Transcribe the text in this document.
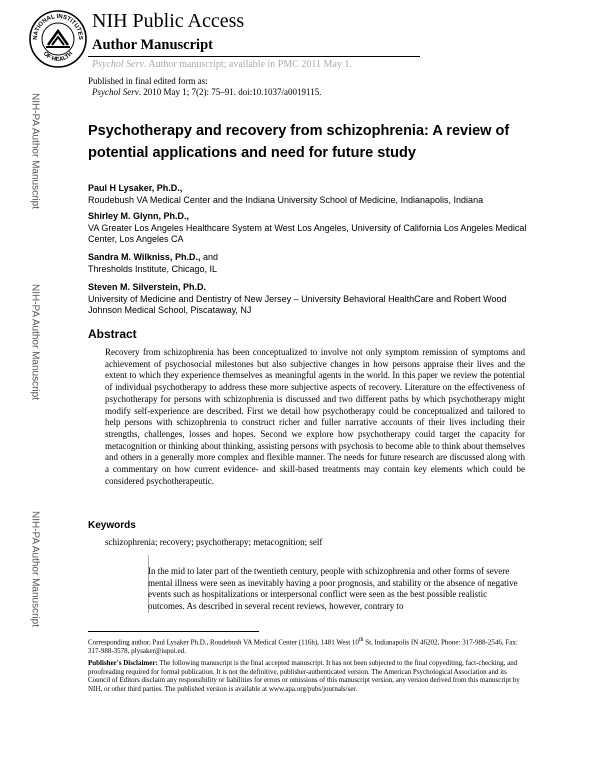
NATIONAL INSTITUTES
OF HEALTH
NIH Public Access
Author Manuscript
Psychol Serv. Author manuscript; available in PMC 2011 May 1.
Published in final edited form as:
Psychol Serv. 2010 May 1; 7(2): 75–91. doi:10.1037/a0019115.
NIH-PA Author Manuscript
NIH-PA Author Manuscript
NIH-PA Author Manuscript
Psychotherapy and recovery from schizophrenia: A review of potential applications and need for future study
Paul H Lysaker, Ph.D.,
Roudebush VA Medical Center and the Indiana University School of Medicine, Indianapolis, Indiana
Shirley M. Glynn, Ph.D.,
VA Greater Los Angeles Healthcare System at West Los Angeles, University of California Los Angeles Medical Center, Los Angeles CA
Sandra M. Wilkniss, Ph.D., and
Thresholds Institute, Chicago, IL
Steven M. Silverstein, Ph.D.
University of Medicine and Dentistry of New Jersey – University Behavioral HealthCare and Robert Wood Johnson Medical School, Piscataway, NJ
Abstract
Recovery from schizophrenia has been conceptualized to involve not only symptom remission of symptoms and achievement of psychosocial milestones but also subjective changes in how persons appraise their lives and the extent to which they experience themselves as meaningful agents in the world. In this paper we review the potential of individual psychotherapy to address these more subjective aspects of recovery. Literature on the effectiveness of psychotherapy for persons with schizophrenia is discussed and two different paths by which psychotherapy might modify self-experience are described. First we detail how psychotherapy could be conceptualized and tailored to help persons with schizophrenia to construct richer and fuller narrative accounts of their lives including their strengths, challenges, losses and hopes. Second we explore how psychotherapy could target the capacity for metacognition or thinking about thinking, assisting persons with psychosis to become able to think about themselves and others in a generally more complex and flexible manner. The needs for future research are discussed along with a commentary on how current evidence- and skill-based treatments may contain key elements which could be considered psychotherapeutic.
Keywords
schizophrenia; recovery; psychotherapy; metacognition; self
In the mid to later part of the twentieth century, people with schizophrenia and other forms of severe mental illness were seen as inevitably having a poor prognosis, and stability or the absence of negative events such as hospitalizations or interpersonal conflict were seen as the best possible realistic outcomes. As described in several recent reviews, however, contrary to
Corresponding author, Paul Lysaker Ph.D., Roudebush VA Medical Center (116h), 1481 West 10th St, Indianapolis IN 46202, Phone: 317-988-2546, Fax: 317-988-3578, plysaker@iupui.ed.
Publisher's Disclaimer: The following manuscript is the final accepted manuscript. It has not been subjected to the final copyediting, fact-checking, and proofreading required for formal publication. It is not the definitive, publisher-authenticated version. The American Psychological Association and its Council of Editors disclaim any responsibility or liabilities for errors or omissions of this manuscript version, any version derived from this manuscript by NIH, or other third parties. The published version is available at www.apa.org/pubs/journals/ser.
